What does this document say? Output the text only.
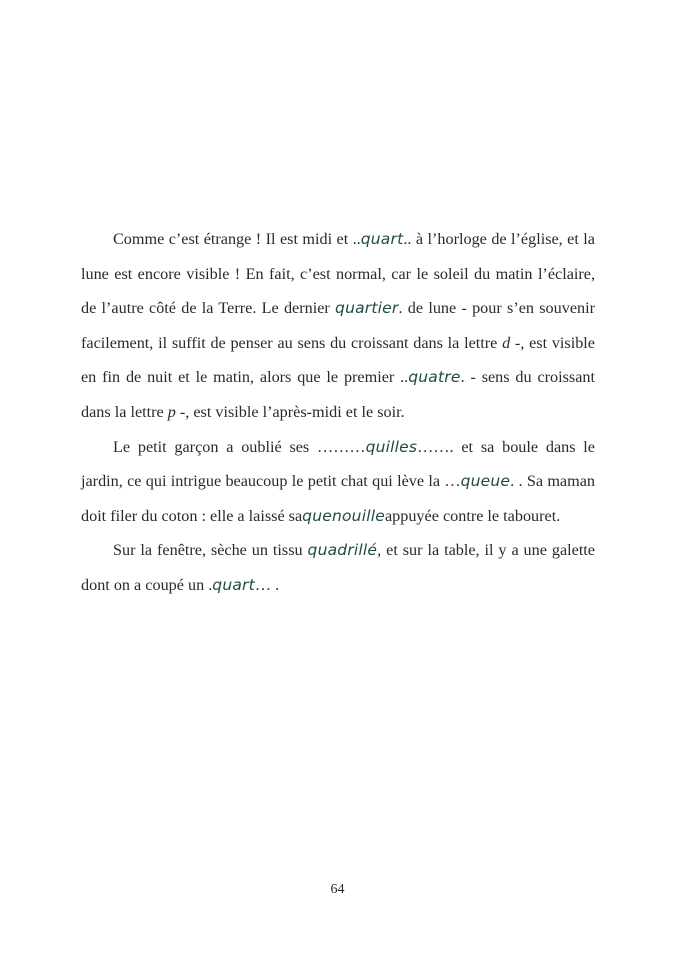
Comme c’est étrange ! Il est midi et ..quart.. à l’horloge de l’église, et la lune est encore visible ! En fait, c’est normal, car le soleil du matin l’éclaire, de l’autre côté de la Terre. Le dernier quartier. de lune - pour s’en souvenir facilement, il suffit de penser au sens du croissant dans la lettre d -, est visible en fin de nuit et le matin, alors que le premier ..quatre. - sens du croissant dans la lettre p -, est visible l’après-midi et le soir.

Le petit garçon a oublié ses ………quilles……. et sa boule dans le jardin, ce qui intrigue beaucoup le petit chat qui lève la …queue. . Sa maman doit filer du coton : elle a laissé saquenouilleappuyée contre le tabouret.

Sur la fenêtre, sèche un tissu quadrillé, et sur la table, il y a une galette dont on a coupé un .quart… .

64
